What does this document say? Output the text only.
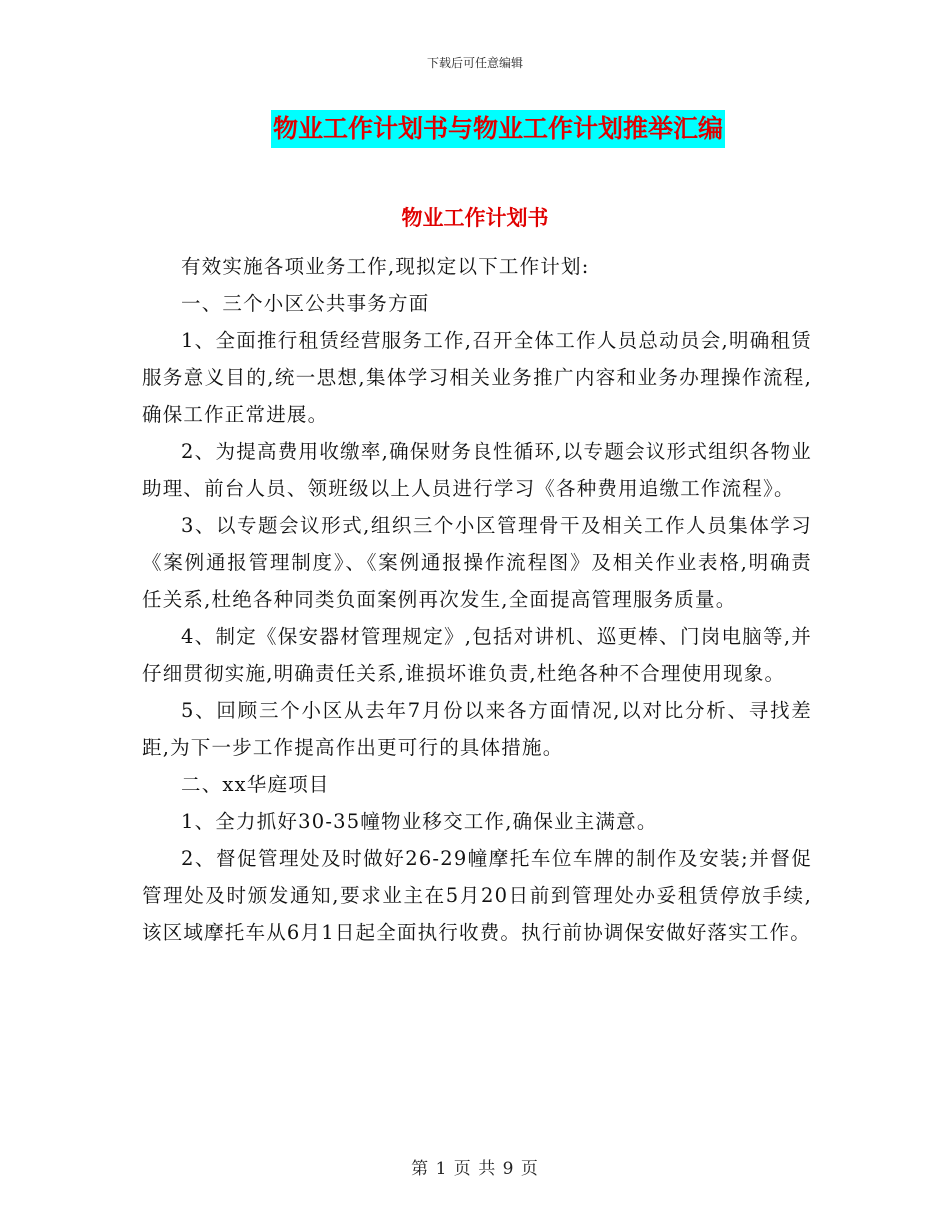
下载后可任意编辑
物业工作计划书与物业工作计划推举汇编
物业工作计划书

有效实施各项业务工作,现拟定以下工作计划:

一、三个小区公共事务方面

1、全面推行租赁经营服务工作,召开全体工作人员总动员会,明确租赁服务意义目的,统一思想,集体学习相关业务推广内容和业务办理操作流程,确保工作正常进展。

2、为提高费用收缴率,确保财务良性循环,以专题会议形式组织各物业助理、前台人员、领班级以上人员进行学习《各种费用追缴工作流程》。

3、以专题会议形式,组织三个小区管理骨干及相关工作人员集体学习《案例通报管理制度》、《案例通报操作流程图》及相关作业表格,明确责任关系,杜绝各种同类负面案例再次发生,全面提高管理服务质量。

4、制定《保安器材管理规定》,包括对讲机、巡更棒、门岗电脑等,并仔细贯彻实施,明确责任关系,谁损坏谁负责,杜绝各种不合理使用现象。

5、回顾三个小区从去年7月份以来各方面情况,以对比分析、寻找差距,为下一步工作提高作出更可行的具体措施。

二、xx华庭项目

1、全力抓好30-35幢物业移交工作,确保业主满意。

2、督促管理处及时做好26-29幢摩托车位车牌的制作及安装;并督促管理处及时颁发通知,要求业主在5月20日前到管理处办妥租赁停放手续,该区域摩托车从6月1日起全面执行收费。执行前协调保安做好落实工作。

第 1 页 共 9 页
